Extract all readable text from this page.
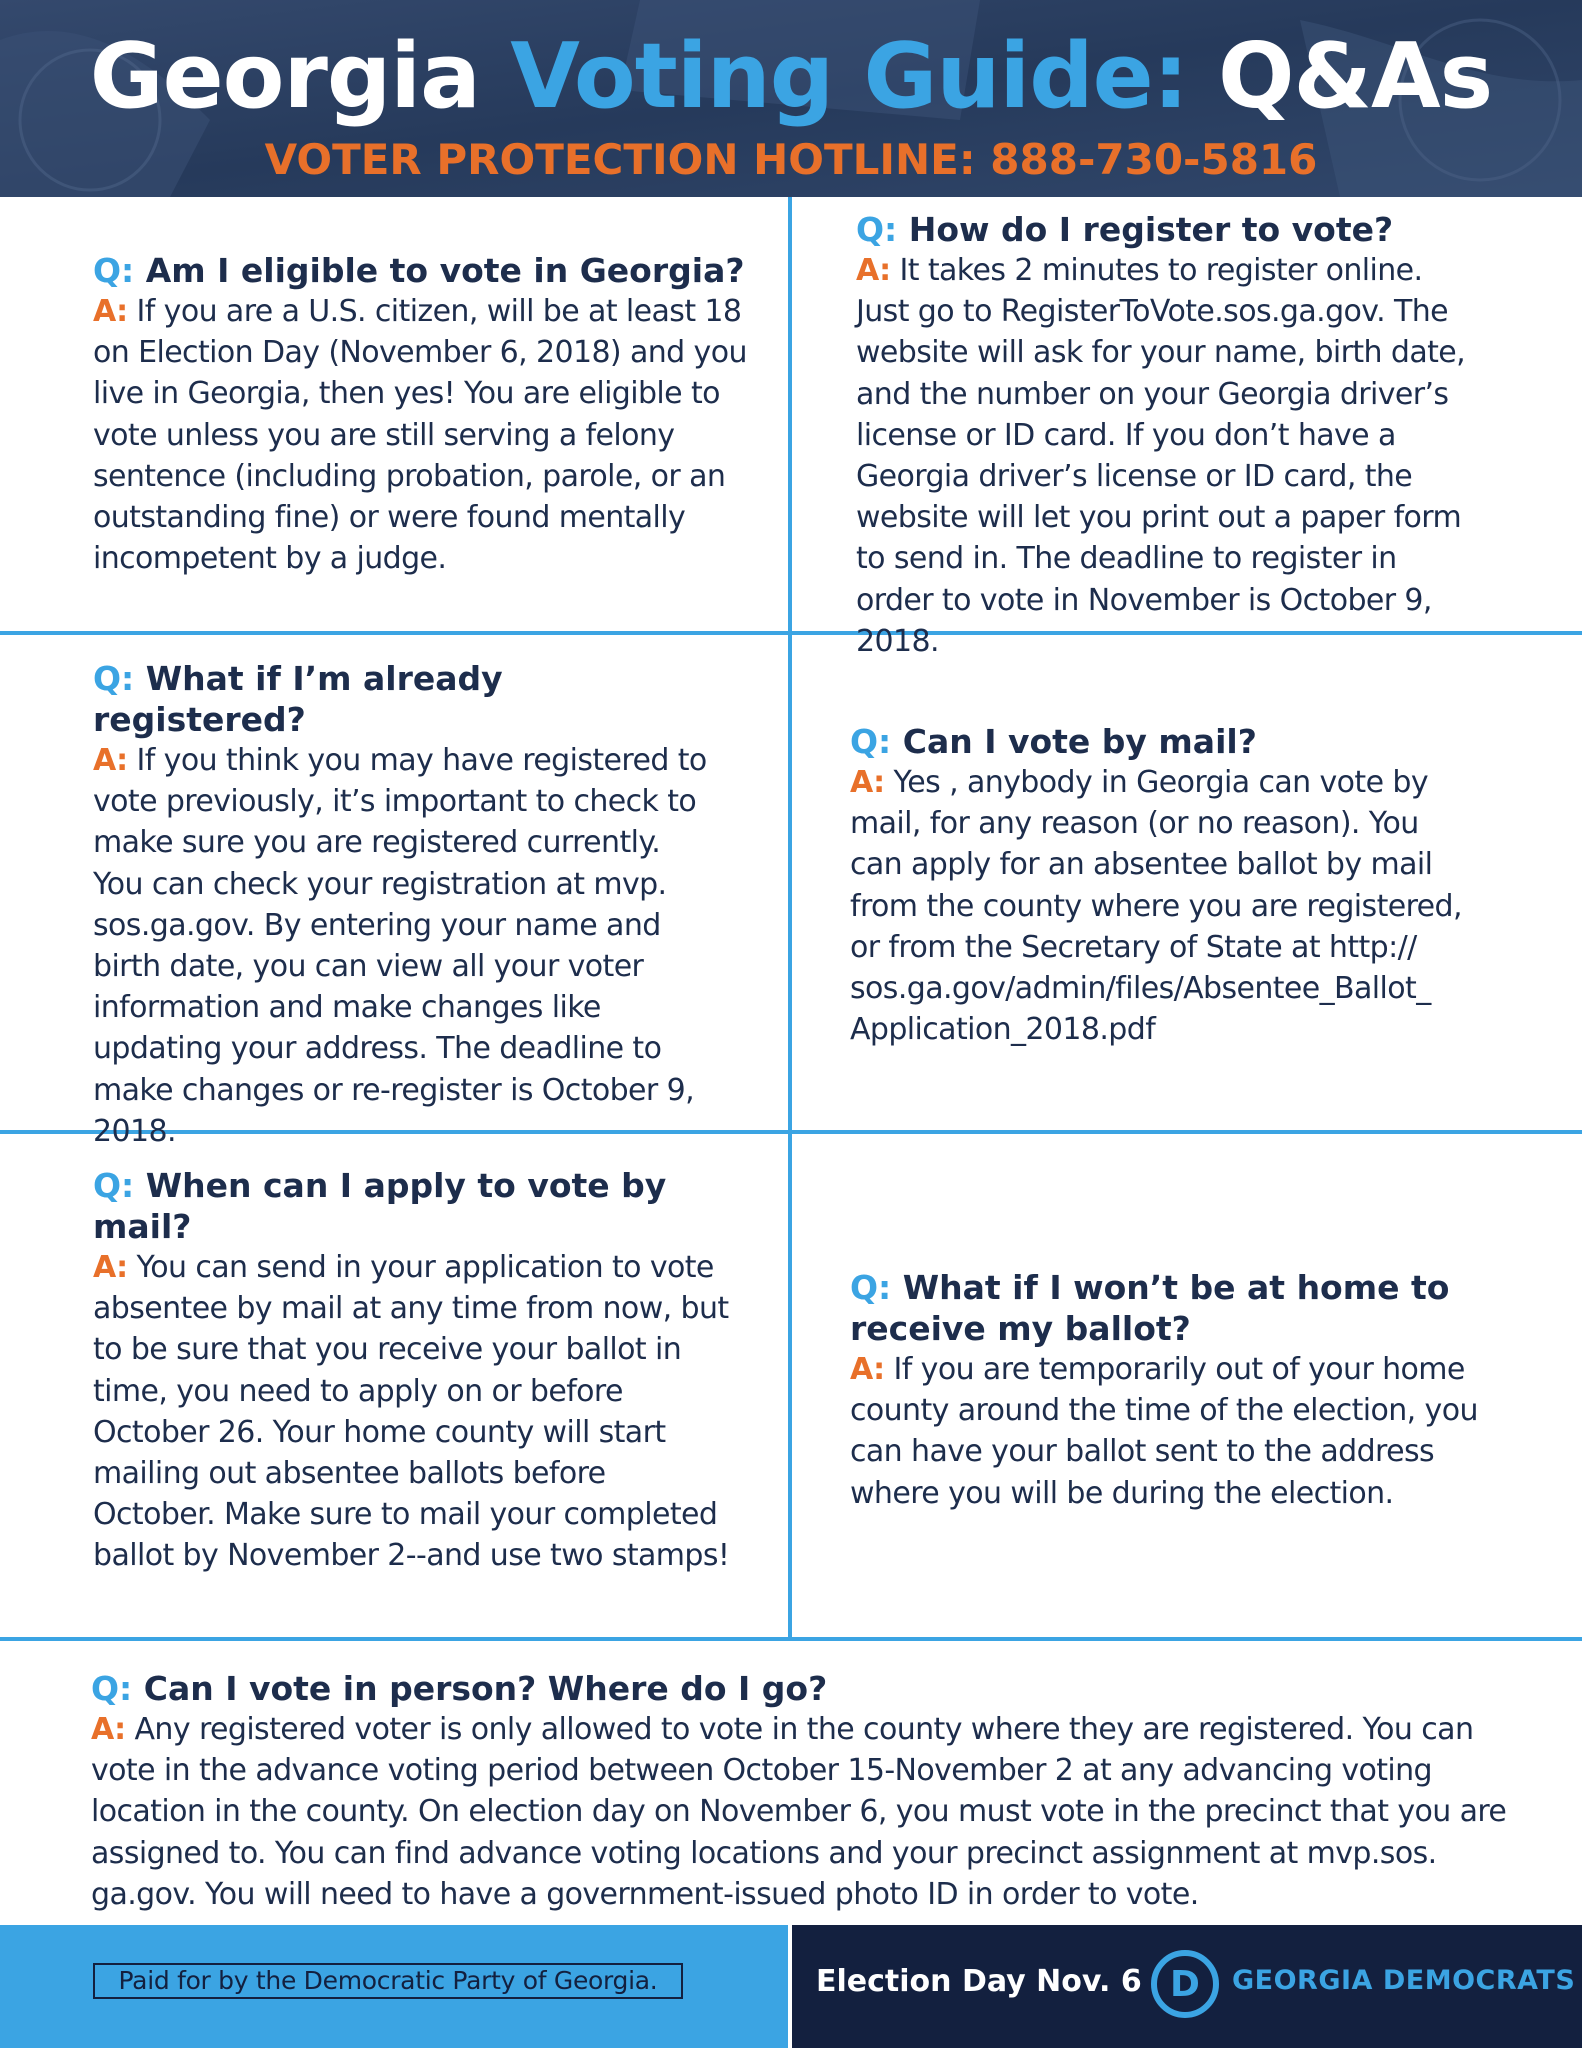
Georgia Voting Guide: Q&As
VOTER PROTECTION HOTLINE: 888-730-5816

Q: Am I eligible to vote in Georgia?

A: If you are a U.S. citizen, will be at least 18 on Election Day (November 6, 2018) and you live in Georgia, then yes! You are eligible to vote unless you are still serving a felony sentence (including probation, parole, or an outstanding fine) or were found mentally incompetent by a judge.

Q: How do I register to vote?

A: It takes 2 minutes to register online. Just go to RegisterToVote.sos.ga.gov. The website will ask for your name, birth date, and the number on your Georgia driver’s license or ID card. If you don’t have a Georgia driver’s license or ID card, the website will let you print out a paper form to send in. The deadline to register in order to vote in November is October 9, 2018.

Q: What if I’m already registered?

A: If you think you may have registered to vote previously, it’s important to check to make sure you are registered currently. You can check your registration at mvp. sos.ga.gov. By entering your name and birth date, you can view all your voter information and make changes like updating your address. The deadline to make changes or re-register is October 9, 2018.

Q: Can I vote by mail?

A: Yes , anybody in Georgia can vote by mail, for any reason (or no reason). You can apply for an absentee ballot by mail from the county where you are registered, or from the Secretary of State at http:// sos.ga.gov/admin/files/Absentee_Ballot_ Application_2018.pdf

Q: When can I apply to vote by mail?

A: You can send in your application to vote absentee by mail at any time from now, but to be sure that you receive your ballot in time, you need to apply on or before October 26. Your home county will start mailing out absentee ballots before October. Make sure to mail your completed ballot by November 2--and use two stamps!

Q: What if I won’t be at home to receive my ballot?

A: If you are temporarily out of your home county around the time of the election, you can have your ballot sent to the address where you will be during the election.

Q: Can I vote in person? Where do I go?

A: Any registered voter is only allowed to vote in the county where they are registered. You can vote in the advance voting period between October 15-November 2 at any advancing voting location in the county. On election day on November 6, you must vote in the precinct that you are assigned to. You can find advance voting locations and your precinct assignment at mvp.sos. ga.gov. You will need to have a government-issued photo ID in order to vote.

Paid for by the Democratic Party of Georgia.	Election Day Nov. 6 D GEORGIA DEMOCRATS
